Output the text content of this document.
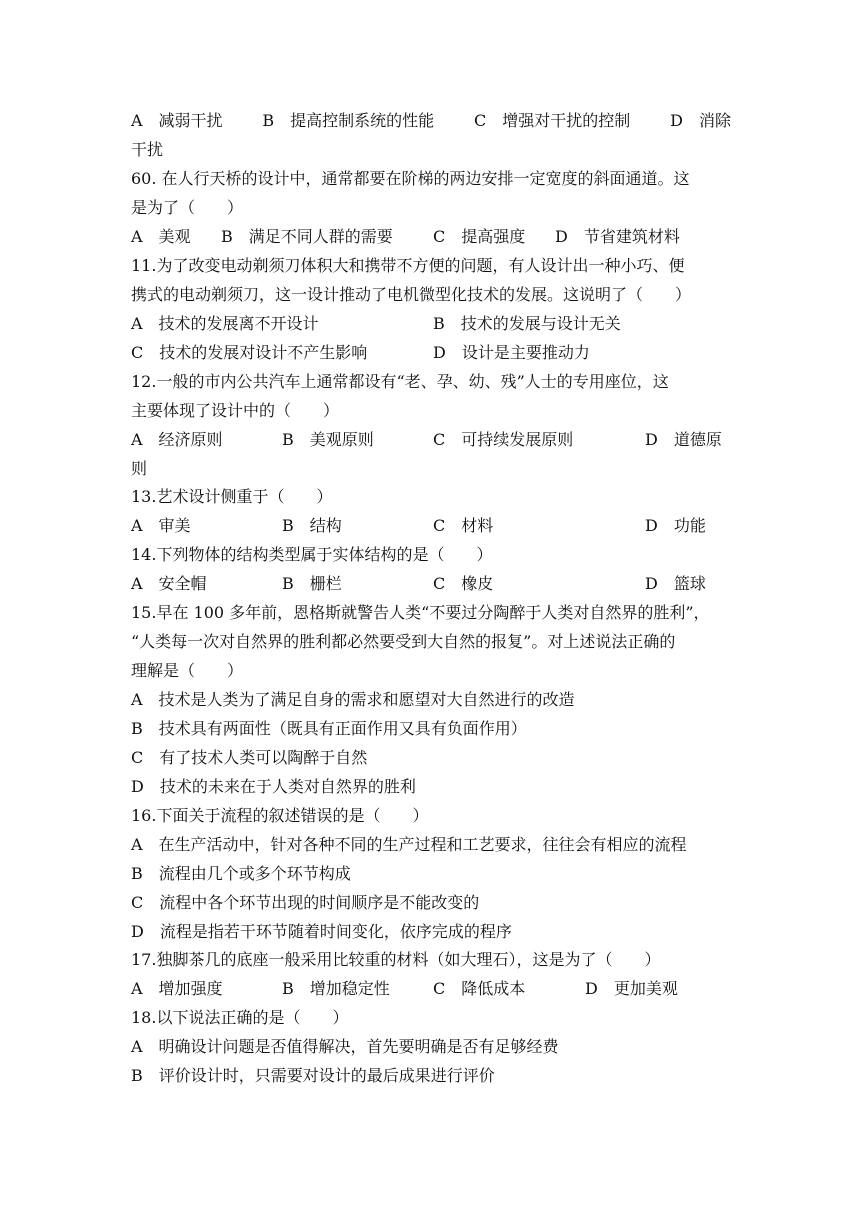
A　减弱干扰 B　提高控制系统的性能 C　增强对干扰的控制 D　消除
干扰
60. 在人行天桥的设计中，通常都要在阶梯的两边安排一定宽度的斜面通道。这
是为了（　　）
A　美观 B　满足不同人群的需要	C　提高强度 D　节省建筑材料
11.为了改变电动剃须刀体积大和携带不方便的问题，有人设计出一种小巧、便
携式的电动剃须刀，这一设计推动了电机微型化技术的发展。这说明了（　　）
A　技术的发展离不开设计	B　技术的发展与设计无关
C　技术的发展对设计不产生影响	D　设计是主要推动力
12.一般的市内公共汽车上通常都设有“老、孕、幼、残”人士的专用座位，这
主要体现了设计中的（　　）
A　经济原则	B　美观原则	C　可持续发展原则	D　道德原
则
13.艺术设计侧重于（　　）
A　审美	B　结构	C　材料	D　功能
14.下列物体的结构类型属于实体结构的是（　　）
A　安全帽	B　栅栏	C　橡皮	D　篮球
15.早在 100 多年前，恩格斯就警告人类“不要过分陶醉于人类对自然界的胜利”，
“人类每一次对自然界的胜利都必然要受到大自然的报复”。对上述说法正确的
理解是（　　）
A　技术是人类为了满足自身的需求和愿望对大自然进行的改造
B　技术具有两面性（既具有正面作用又具有负面作用）
C　有了技术人类可以陶醉于自然
D　技术的未来在于人类对自然界的胜利
16.下面关于流程的叙述错误的是（　　）
A　在生产活动中，针对各种不同的生产过程和工艺要求，往往会有相应的流程
B　流程由几个或多个环节构成
C　流程中各个环节出现的时间顺序是不能改变的
D　流程是指若干环节随着时间变化，依序完成的程序
17.独脚茶几的底座一般采用比较重的材料（如大理石），这是为了（　　）
A　增加强度	B　增加稳定性	C　降低成本	D　更加美观
18.以下说法正确的是（　　）
A　明确设计问题是否值得解决，首先要明确是否有足够经费
B　评价设计时，只需要对设计的最后成果进行评价
